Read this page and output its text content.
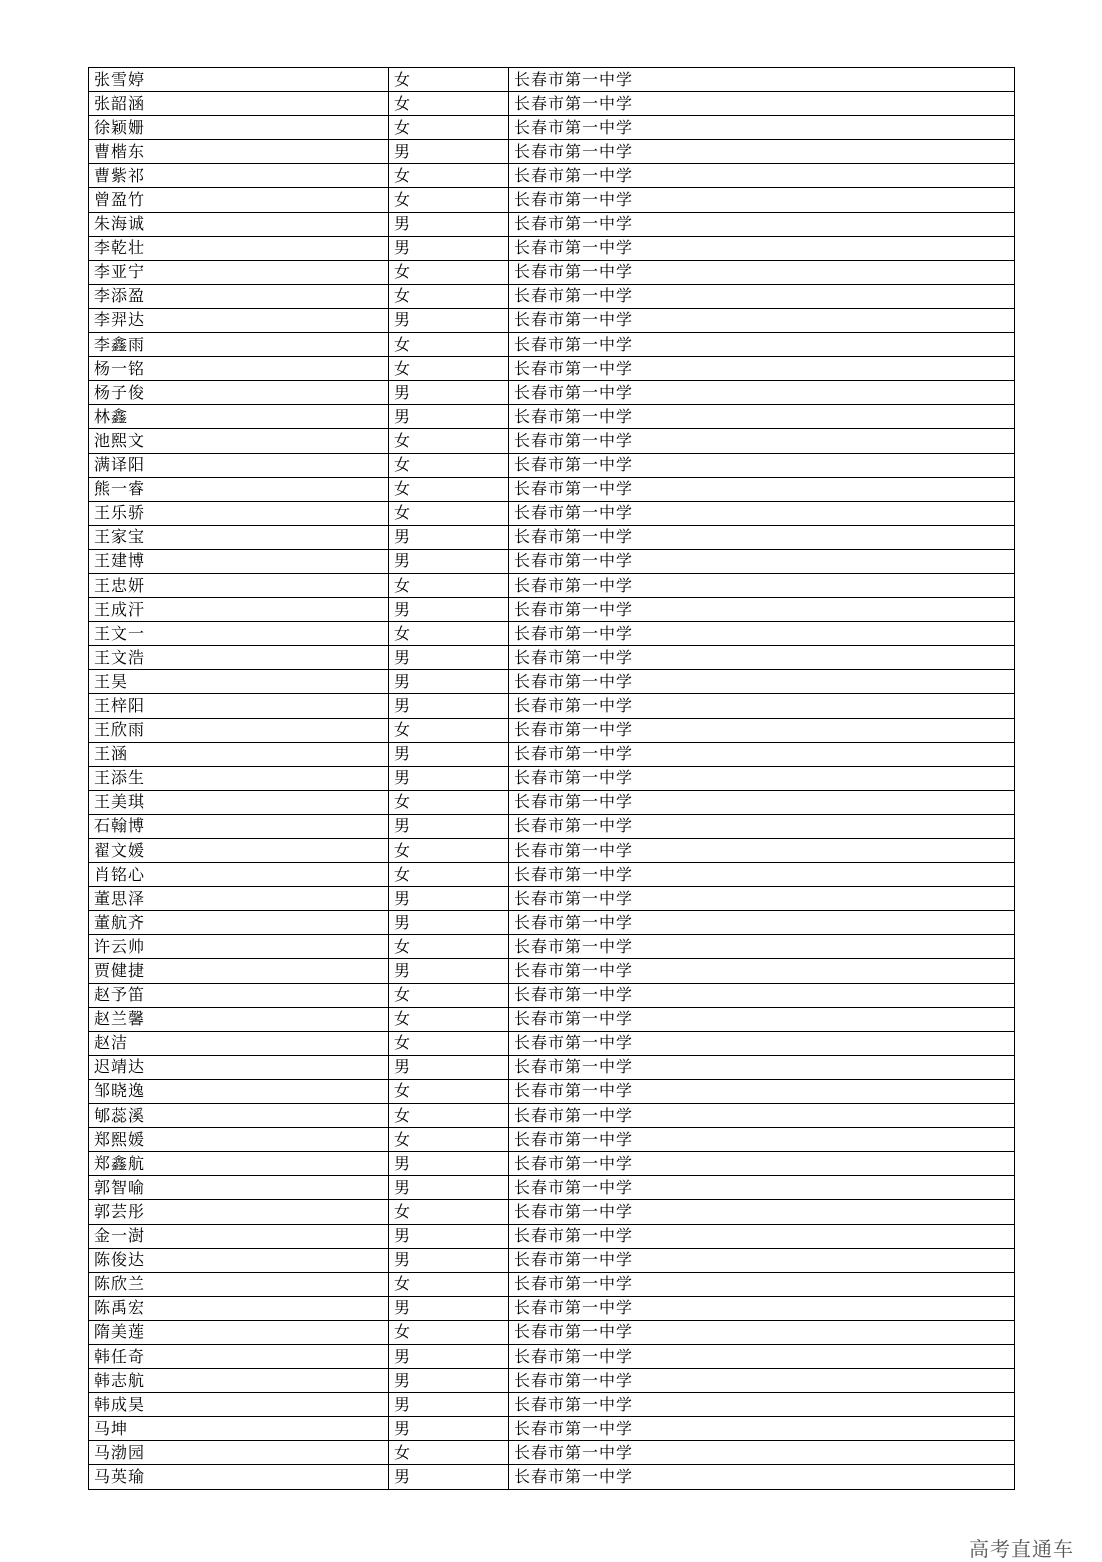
张雪婷	女	长春市第一中学
张韶涵	女	长春市第一中学
徐颖姗	女	长春市第一中学
曹楷东	男	长春市第一中学
曹紫祁	女	长春市第一中学
曾盈竹	女	长春市第一中学
朱海诚	男	长春市第一中学
李乾壮	男	长春市第一中学
李亚宁	女	长春市第一中学
李添盈	女	长春市第一中学
李羿达	男	长春市第一中学
李鑫雨	女	长春市第一中学
杨一铭	女	长春市第一中学
杨子俊	男	长春市第一中学
林鑫	男	长春市第一中学
池熙文	女	长春市第一中学
满译阳	女	长春市第一中学
熊一睿	女	长春市第一中学
王乐骄	女	长春市第一中学
王家宝	男	长春市第一中学
王建博	男	长春市第一中学
王忠妍	女	长春市第一中学
王成汗	男	长春市第一中学
王文一	女	长春市第一中学
王文浩	男	长春市第一中学
王昊	男	长春市第一中学
王梓阳	男	长春市第一中学
王欣雨	女	长春市第一中学
王涵	男	长春市第一中学
王添生	男	长春市第一中学
王美琪	女	长春市第一中学
石翰博	男	长春市第一中学
翟文媛	女	长春市第一中学
肖铭心	女	长春市第一中学
董思泽	男	长春市第一中学
董航齐	男	长春市第一中学
许云帅	女	长春市第一中学
贾健捷	男	长春市第一中学
赵予笛	女	长春市第一中学
赵兰馨	女	长春市第一中学
赵洁	女	长春市第一中学
迟靖达	男	长春市第一中学
邹晓逸	女	长春市第一中学
郇蕊溪	女	长春市第一中学
郑熙媛	女	长春市第一中学
郑鑫航	男	长春市第一中学
郭智喻	男	长春市第一中学
郭芸彤	女	长春市第一中学
金一澍	男	长春市第一中学
陈俊达	男	长春市第一中学
陈欣兰	女	长春市第一中学
陈禹宏	男	长春市第一中学
隋美莲	女	长春市第一中学
韩任奇	男	长春市第一中学
韩志航	男	长春市第一中学
韩成昊	男	长春市第一中学
马坤	男	长春市第一中学
马渤园	女	长春市第一中学
马英瑜	男	长春市第一中学
高考直通车
